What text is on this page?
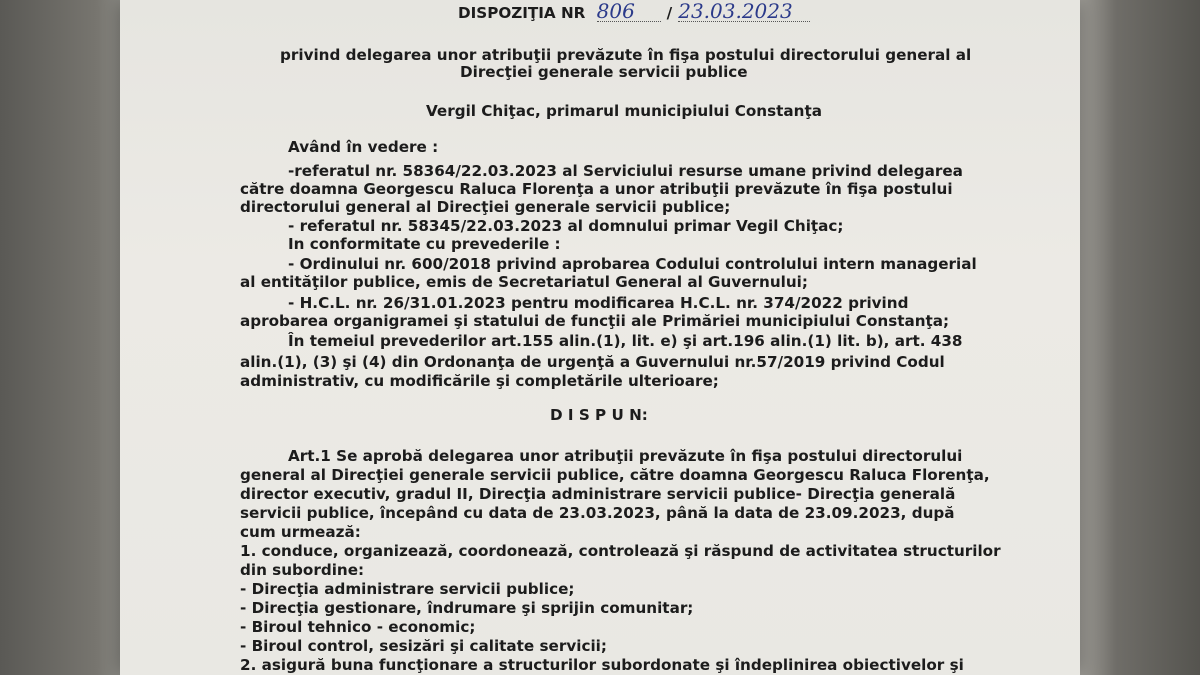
DISPOZIŢIA NR 806 / 23.03.2023
privind delegarea unor atribuţii prevăzute în fişa postului directorului general al
Direcţiei generale servicii publice
Vergil Chiţac, primarul municipiului Constanţa
Având în vedere :
-referatul nr. 58364/22.03.2023 al Serviciului resurse umane privind delegarea
către doamna Georgescu Raluca Florenţa a unor atribuţii prevăzute în fişa postului
directorului general al Direcţiei generale servicii publice;
- referatul nr. 58345/22.03.2023 al domnului primar Vegil Chiţac;
In conformitate cu prevederile :
- Ordinului nr. 600/2018 privind aprobarea Codului controlului intern managerial
al entităţilor publice, emis de Secretariatul General al Guvernului;
- H.C.L. nr. 26/31.01.2023 pentru modificarea H.C.L. nr. 374/2022 privind
aprobarea organigramei şi statului de funcţii ale Primăriei municipiului Constanţa;
În temeiul prevederilor art.155 alin.(1), lit. e) şi art.196 alin.(1) lit. b), art. 438
alin.(1), (3) şi (4) din Ordonanţa de urgenţă a Guvernului nr.57/2019 privind Codul
administrativ, cu modificările şi completările ulterioare;
D I S P U N:
Art.1 Se aprobă delegarea unor atribuţii prevăzute în fişa postului directorului
general al Direcţiei generale servicii publice, către doamna Georgescu Raluca Florenţa,
director executiv, gradul II, Direcţia administrare servicii publice- Direcţia generală
servicii publice, începând cu data de 23.03.2023, până la data de 23.09.2023, după
cum urmează:
1. conduce, organizează, coordonează, controlează şi răspund de activitatea structurilor
din subordine:
- Direcţia administrare servicii publice;
- Direcţia gestionare, îndrumare şi sprijin comunitar;
- Biroul tehnico - economic;
- Biroul control, sesizări şi calitate servicii;
2. asigură buna funcţionare a structurilor subordonate şi îndeplinirea obiectivelor şi
